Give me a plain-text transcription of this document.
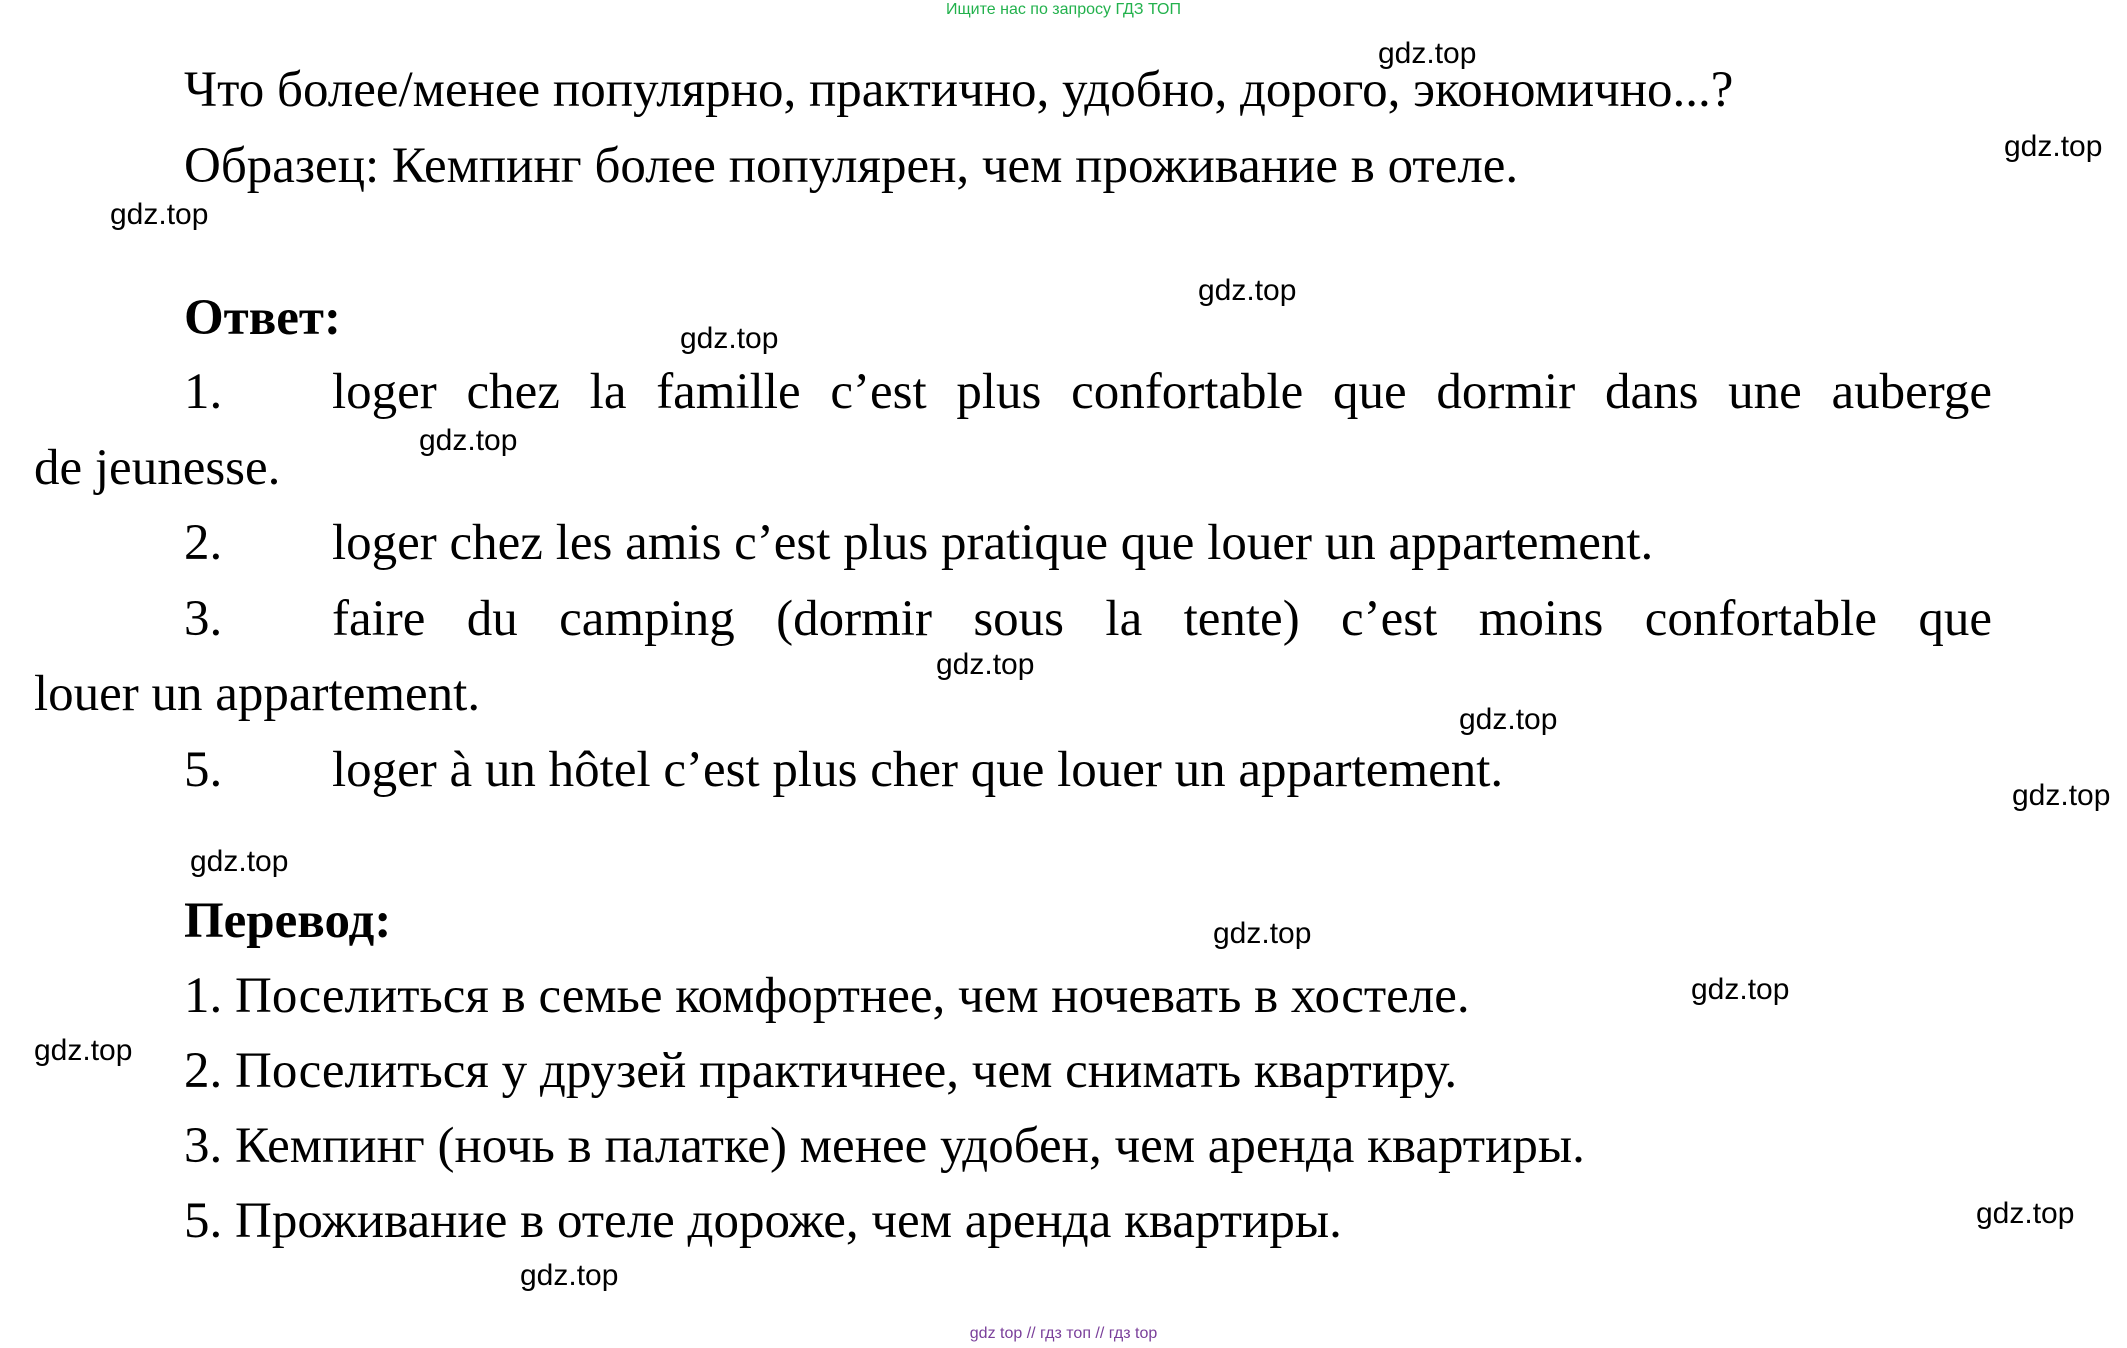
Ищите нас по запросу ГДЗ ТОП
Что более/менее популярно, практично, удобно, дорого, экономично...?
Образец: Кемпинг более популярен, чем проживание в отеле.
Ответ:
1. loger chez la famille c’est plus confortable que dormir dans une auberge
de jeunesse.
2. loger chez les amis c’est plus pratique que louer un appartement.
3. faire du camping (dormir sous la tente) c’est moins confortable que
louer un appartement.
5. loger à un hôtel c’est plus cher que louer un appartement.
Перевод:
1. Поселиться в семье комфортнее, чем ночевать в хостеле.
2. Поселиться у друзей практичнее, чем снимать квартиру.
3. Кемпинг (ночь в палатке) менее удобен, чем аренда квартиры.
5. Проживание в отеле дороже, чем аренда квартиры.
gdz.top
gdz.top
gdz.top
gdz.top
gdz.top
gdz.top
gdz.top
gdz.top
gdz.top
gdz.top
gdz.top
gdz.top
gdz.top
gdz.top
gdz.top
gdz top // гдз топ // гдз top
